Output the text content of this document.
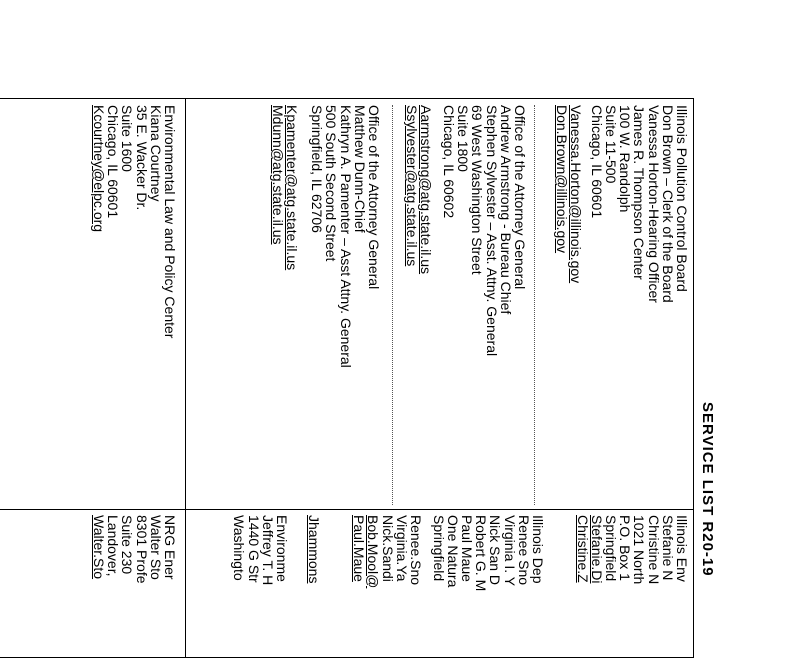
SERVICE LIST R20-19
Illinois Pollution Control Board
Don Brown – Clerk of the Board
Vanessa Horton-Hearing Officer
James R. Thompson Center
100 W. Randolph
Suite 11-500
Chicago, IL 60601
Vanessa.Horton@illinois.gov
Don.Brown@illinois.gov
Office of the Attorney General
Andrew Armstrong - Bureau Chief
Stephen Sylvester – Asst. Attny. General
69 West Washington Street
Suite 1800
Chicago, IL 60602
Aarmstrong@atg.state.il.us
Ssylvester@atg.state.il.us
Office of the Attorney General
Matthew Dunn-Chief
Kathryn A. Pamenter – Asst Attny. General
500 South Second Street
Springfield, IL 62706
Kpamenter@atg.state.il.us
Mdunn@atg.state.il.us
Environmental Law and Policy Center
Kiana Courtney
35 E. Wacker Dr.
Suite 1600
Chicago, IL 60601
Kcourtney@elpc.org
Illinois Env
Stefanie N
Christine N
1021 North
P.O. Box 1
Springfield
Stefanie.Di
Christine.Z
Illinois Dep
Renee Sno
Virginia I. Y
Nick San D
Robert G. M
Paul Maue
One Natura
Springfield
Renee.Sno
Virginia.Ya
Nick.Sandi
Bob.Mool@
Paul.Maue
Jhammons
Environme
Jeffrey T. H
1440 G Str
Washingto
NRG Ener
Walter Sto
8301 Profe
Suite 230
Landover,
Walter.Sto
